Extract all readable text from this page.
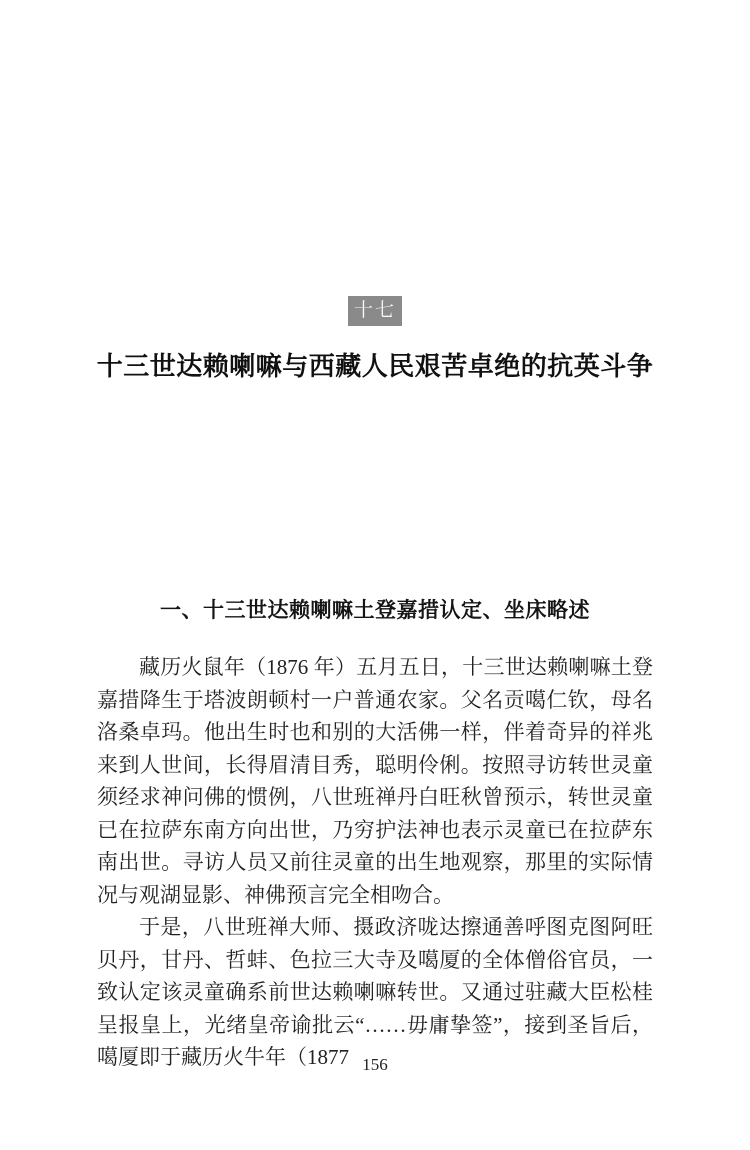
十七
十三世达赖喇嘛与西藏人民艰苦卓绝的抗英斗争
一、十三世达赖喇嘛土登嘉措认定、坐床略述

藏历火鼠年（1876 年）五月五日，十三世达赖喇嘛土登嘉措降生于塔波朗顿村一户普通农家。父名贡噶仁钦，母名洛桑卓玛。他出生时也和别的大活佛一样，伴着奇异的祥兆来到人世间，长得眉清目秀，聪明伶俐。按照寻访转世灵童须经求神问佛的惯例，八世班禅丹白旺秋曾预示，转世灵童已在拉萨东南方向出世，乃穷护法神也表示灵童已在拉萨东南出世。寻访人员又前往灵童的出生地观察，那里的实际情况与观湖显影、神佛预言完全相吻合。

于是，八世班禅大师、摄政济咙达擦通善呼图克图阿旺贝丹，甘丹、哲蚌、色拉三大寺及噶厦的全体僧俗官员，一致认定该灵童确系前世达赖喇嘛转世。又通过驻藏大臣松桂呈报皇上，光绪皇帝谕批云“……毋庸挚签”，接到圣旨后，噶厦即于藏历火牛年（1877 156
